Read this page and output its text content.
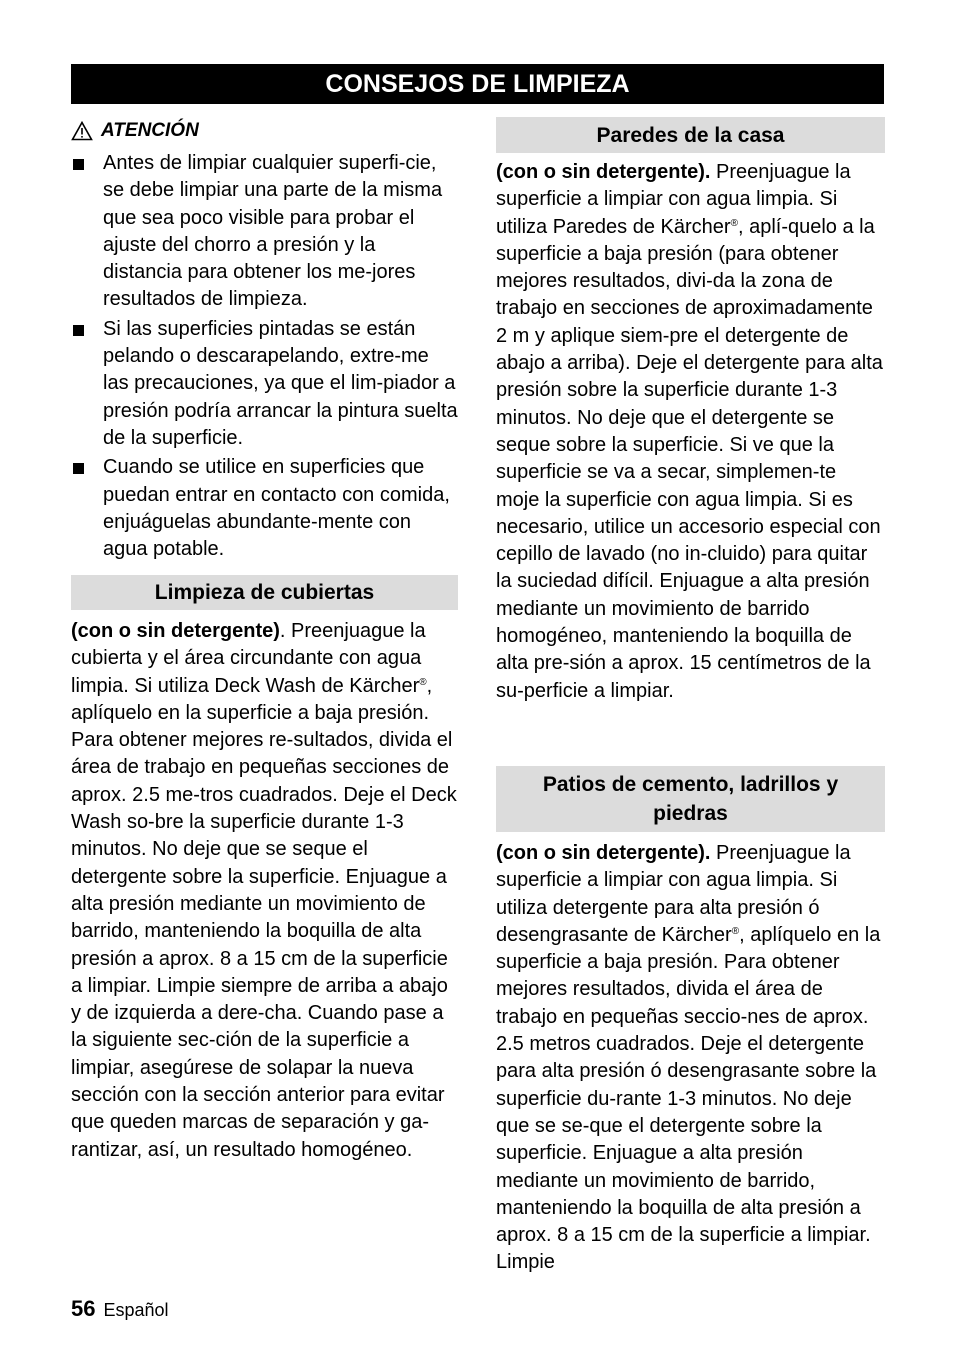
CONSEJOS DE LIMPIEZA
ATENCIÓN
Antes de limpiar cualquier superfi-cie, se debe limpiar una parte de la misma que sea poco visible para probar el ajuste del chorro a presión y la distancia para obtener los me-jores resultados de limpieza.
Si las superficies pintadas se están pelando o descarapelando, extre-me las precauciones, ya que el lim-piador a presión podría arrancar la pintura suelta de la superficie.
Cuando se utilice en superficies que puedan entrar en contacto con comida, enjuáguelas abundante-mente con agua potable.
Limpieza de cubiertas

(con o sin detergente). Preenjuague la cubierta y el área circundante con agua limpia. Si utiliza Deck Wash de Kärcher®, aplíquelo en la superficie a baja presión. Para obtener mejores re-sultados, divida el área de trabajo en pequeñas secciones de aprox. 2.5 me-tros cuadrados. Deje el Deck Wash so-bre la superficie durante 1-3 minutos. No deje que se seque el detergente sobre la superficie. Enjuague a alta presión mediante un movimiento de barrido, manteniendo la boquilla de alta presión a aprox. 8 a 15 cm de la superficie a limpiar. Limpie siempre de arriba a abajo y de izquierda a dere-cha. Cuando pase a la siguiente sec-ción de la superficie a limpiar, asegúrese de solapar la nueva sección con la sección anterior para evitar que queden marcas de separación y ga-rantizar, así, un resultado homogéneo.

Paredes de la casa

(con o sin detergente). Preenjuague la superficie a limpiar con agua limpia. Si utiliza Paredes de Kärcher®, aplí-quelo a la superficie a baja presión (para obtener mejores resultados, divi-da la zona de trabajo en secciones de aproximadamente 2 m y aplique siem-pre el detergente de abajo a arriba). Deje el detergente para alta presión sobre la superficie durante 1-3 minutos. No deje que el detergente se seque sobre la superficie. Si ve que la superficie se va a secar, simplemen-te moje la superficie con agua limpia. Si es necesario, utilice un accesorio especial con cepillo de lavado (no in-cluido) para quitar la suciedad difícil. Enjuague a alta presión mediante un movimiento de barrido homogéneo, manteniendo la boquilla de alta pre-sión a aprox. 15 centímetros de la su-perficie a limpiar.

Patios de cemento, ladrillos y piedras

(con o sin detergente). Preenjuague la superficie a limpiar con agua limpia. Si utiliza detergente para alta presión ó desengrasante de Kärcher®, aplíquelo en la superficie a baja presión. Para obtener mejores resultados, divida el área de trabajo en pequeñas seccio-nes de aprox. 2.5 metros cuadrados. Deje el detergente para alta presión ó desengrasante sobre la superficie du-rante 1-3 minutos. No deje que se se-que el detergente sobre la superficie. Enjuague a alta presión mediante un movimiento de barrido, manteniendo la boquilla de alta presión a aprox. 8 a 15 cm de la superficie a limpiar. Limpie

56 Español
